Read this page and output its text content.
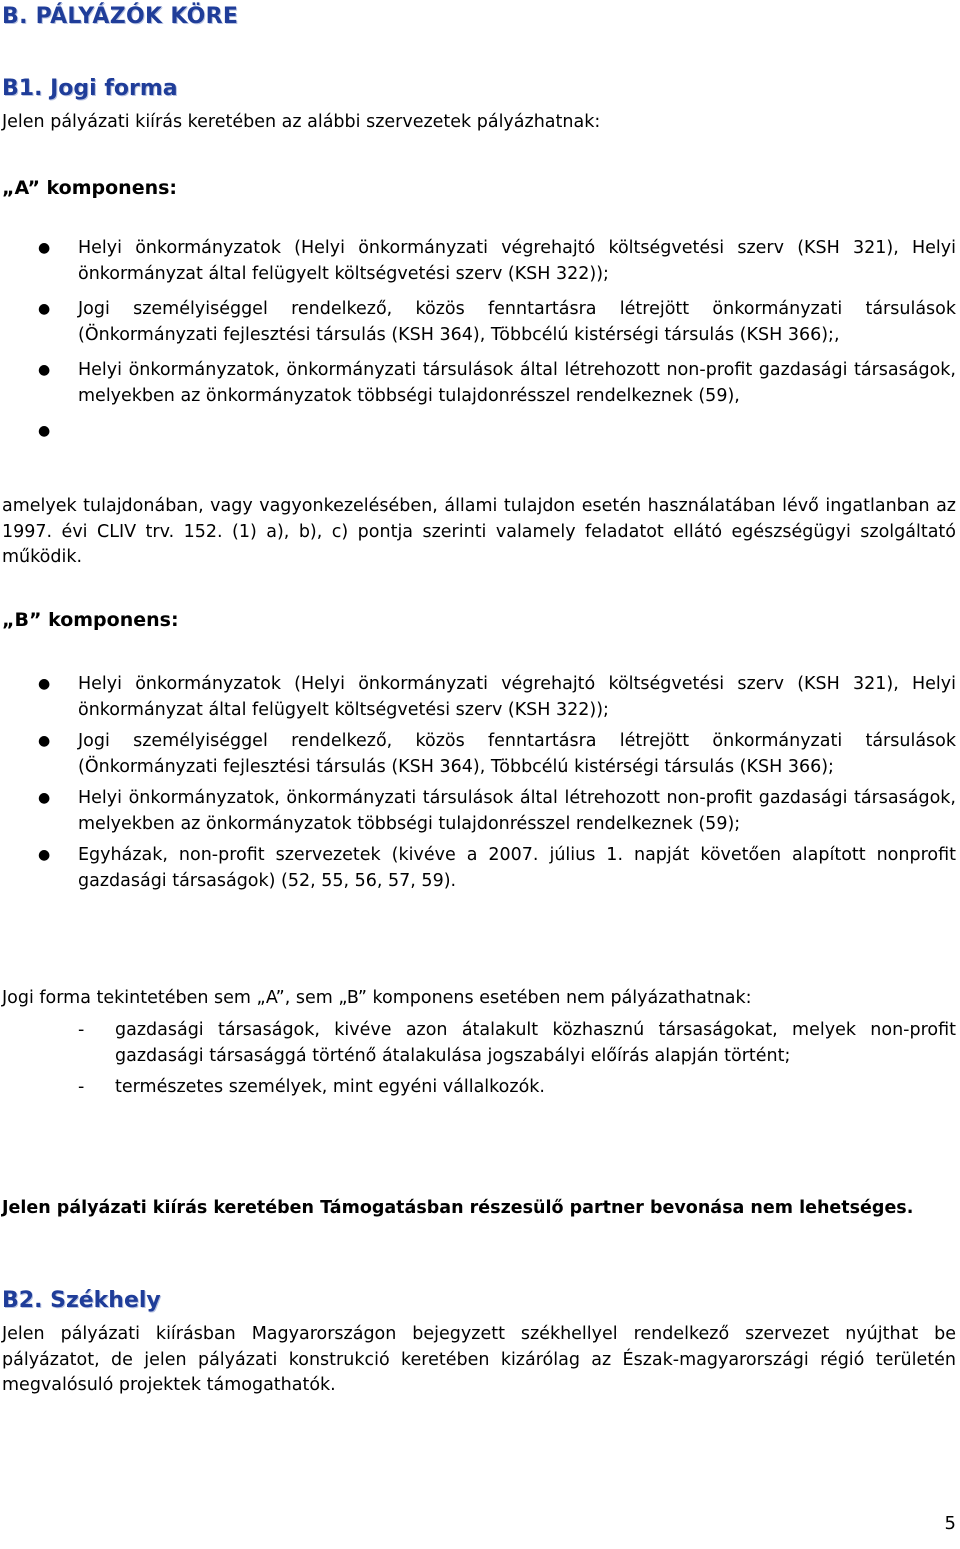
B. PÁLYÁZÓK KÖRE
B1. Jogi forma
Jelen pályázati kiírás keretében az alábbi szervezetek pályázhatnak:
„A” komponens:
● Helyi önkormányzatok (Helyi önkormányzati végrehajtó költségvetési szerv (KSH 321), Helyi önkormányzat által felügyelt költségvetési szerv (KSH 322));
● Jogi személyiséggel rendelkező, közös fenntartásra létrejött önkormányzati társulások (Önkormányzati fejlesztési társulás (KSH 364), Többcélú kistérségi társulás (KSH 366);,
● Helyi önkormányzatok, önkormányzati társulások által létrehozott non-profit gazdasági társaságok, melyekben az önkormányzatok többségi tulajdonrésszel rendelkeznek (59),
●
amelyek tulajdonában, vagy vagyonkezelésében, állami tulajdon esetén használatában lévő ingatlanban az 1997. évi CLIV trv. 152. (1) a), b), c) pontja szerinti valamely feladatot ellátó egészségügyi szolgáltató működik.
„B” komponens:
● Helyi önkormányzatok (Helyi önkormányzati végrehajtó költségvetési szerv (KSH 321), Helyi önkormányzat által felügyelt költségvetési szerv (KSH 322));
● Jogi személyiséggel rendelkező, közös fenntartásra létrejött önkormányzati társulások (Önkormányzati fejlesztési társulás (KSH 364), Többcélú kistérségi társulás (KSH 366);
● Helyi önkormányzatok, önkormányzati társulások által létrehozott non-profit gazdasági társaságok, melyekben az önkormányzatok többségi tulajdonrésszel rendelkeznek (59);
● Egyházak, non-profit szervezetek (kivéve a 2007. július 1. napját követően alapított nonprofit gazdasági társaságok) (52, 55, 56, 57, 59).
Jogi forma tekintetében sem „A”, sem „B” komponens esetében nem pályázathatnak:
- gazdasági társaságok, kivéve azon átalakult közhasznú társaságokat, melyek non-profit gazdasági társasággá történő átalakulása jogszabályi előírás alapján történt;
- természetes személyek, mint egyéni vállalkozók.
Jelen pályázati kiírás keretében Támogatásban részesülő partner bevonása nem lehetséges.
B2. Székhely
Jelen pályázati kiírásban Magyarországon bejegyzett székhellyel rendelkező szervezet nyújthat be pályázatot, de jelen pályázati konstrukció keretében kizárólag az Észak-magyarországi régió területén megvalósuló projektek támogathatók.
5
